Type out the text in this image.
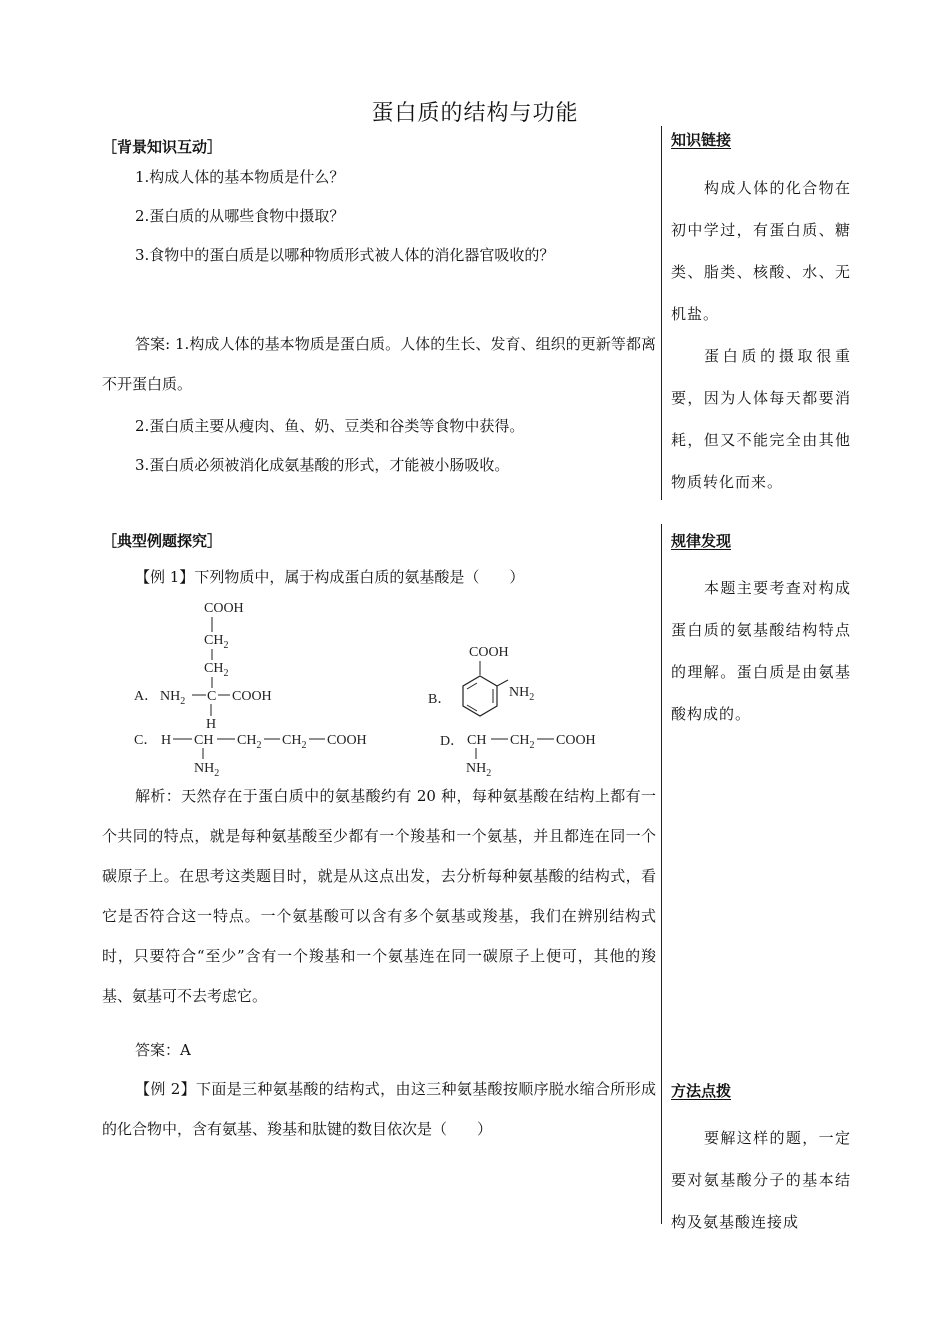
蛋白质的结构与功能
［背景知识互动］
1.构成人体的基本物质是什么？
2.蛋白质的从哪些食物中摄取？
3.食物中的蛋白质是以哪种物质形式被人体的消化器官吸收的？
答案: 1.构成人体的基本物质是蛋白质。人体的生长、发育、组织的更新等都离不开蛋白质。
2.蛋白质主要从瘦肉、鱼、奶、豆类和谷类等食物中获得。
3.蛋白质必须被消化成氨基酸的形式，才能被小肠吸收。
知识链接
构成人体的化合物在初中学过，有蛋白质、糖类、脂类、核酸、水、无机盐。
蛋白质的摄取很重要，因为人体每天都要消耗，但又不能完全由其他物质转化而来。
［典型例题探究］
【例 1】下列物质中，属于构成蛋白质的氨基酸是（　　）
COOH
$CH_2$
$CH_2$
A． $NH_2$ C COOH
H
C． H CH $CH_2$ $CH_2$ COOH
$NH_2$
B．
COOH
$NH_2$
D． CH $CH_2$ COOH
$NH_2$
解析：天然存在于蛋白质中的氨基酸约有 20 种，每种氨基酸在结构上都有一个共同的特点，就是每种氨基酸至少都有一个羧基和一个氨基，并且都连在同一个碳原子上。在思考这类题目时，就是从这点出发，去分析每种氨基酸的结构式，看它是否符合这一特点。一个氨基酸可以含有多个氨基或羧基，我们在辨别结构式时，只要符合“至少”含有一个羧基和一个氨基连在同一碳原子上便可，其他的羧基、氨基可不去考虑它。
答案：A
【例 2】下面是三种氨基酸的结构式，由这三种氨基酸按顺序脱水缩合所形成的化合物中，含有氨基、羧基和肽键的数目依次是（　　）
规律发现
本题主要考查对构成蛋白质的氨基酸结构特点的理解。蛋白质是由氨基酸构成的。
方法点拨
要解这样的题，一定要对氨基酸分子的基本结构及氨基酸连接成
